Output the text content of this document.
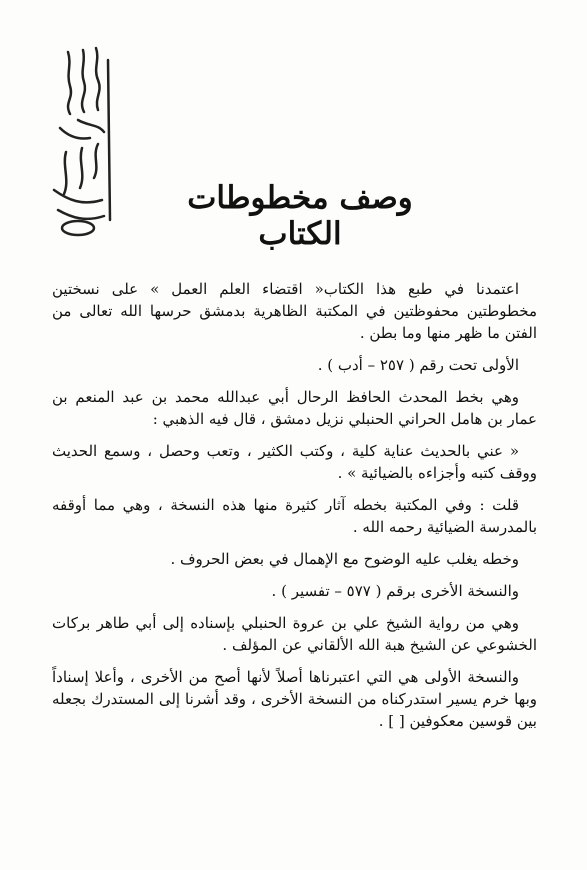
وصف مخطوطات الكتاب

اعتمدنا في طبع هذا الكتاب« اقتضاء العلم العمل » على نسختين مخطوطتين محفوظتين في المكتبة الظاهرية بدمشق حرسها الله تعالى من الفتن ما ظهر منها وما بطن .

الأولى تحت رقم ( ٢٥٧ – أدب ) .

وهي بخط المحدث الحافظ الرحال أبي عبدالله محمد بن عبد المنعم بن عمار بن هامل الحراني الحنبلي نزيل دمشق ، قال فيه الذهبي :

« عني بالحديث عناية كلية ، وكتب الكثير ، وتعب وحصل ، وسمع الحديث ووقف كتبه وأجزاءه بالضيائية » .

قلت : وفي المكتبة بخطه آثار كثيرة منها هذه النسخة ، وهي مما أوقفه بالمدرسة الضيائية رحمه الله .

وخطه يغلب عليه الوضوح مع الإهمال في بعض الحروف .

والنسخة الأخرى برقم ( ٥٧٧ – تفسير ) .

وهي من رواية الشيخ علي بن عروة الحنبلي بإسناده إلى أبي طاهر بركات الخشوعي عن الشيخ هبة الله الألقاني عن المؤلف .

والنسخة الأولى هي التي اعتبرناها أصلاً لأنها أصح من الأخرى ، وأعلا إسناداً وبها خرم يسير استدركناه من النسخة الأخرى ، وقد أشرنا إلى المستدرك بجعله بين قوسين معكوفين [ ] .
